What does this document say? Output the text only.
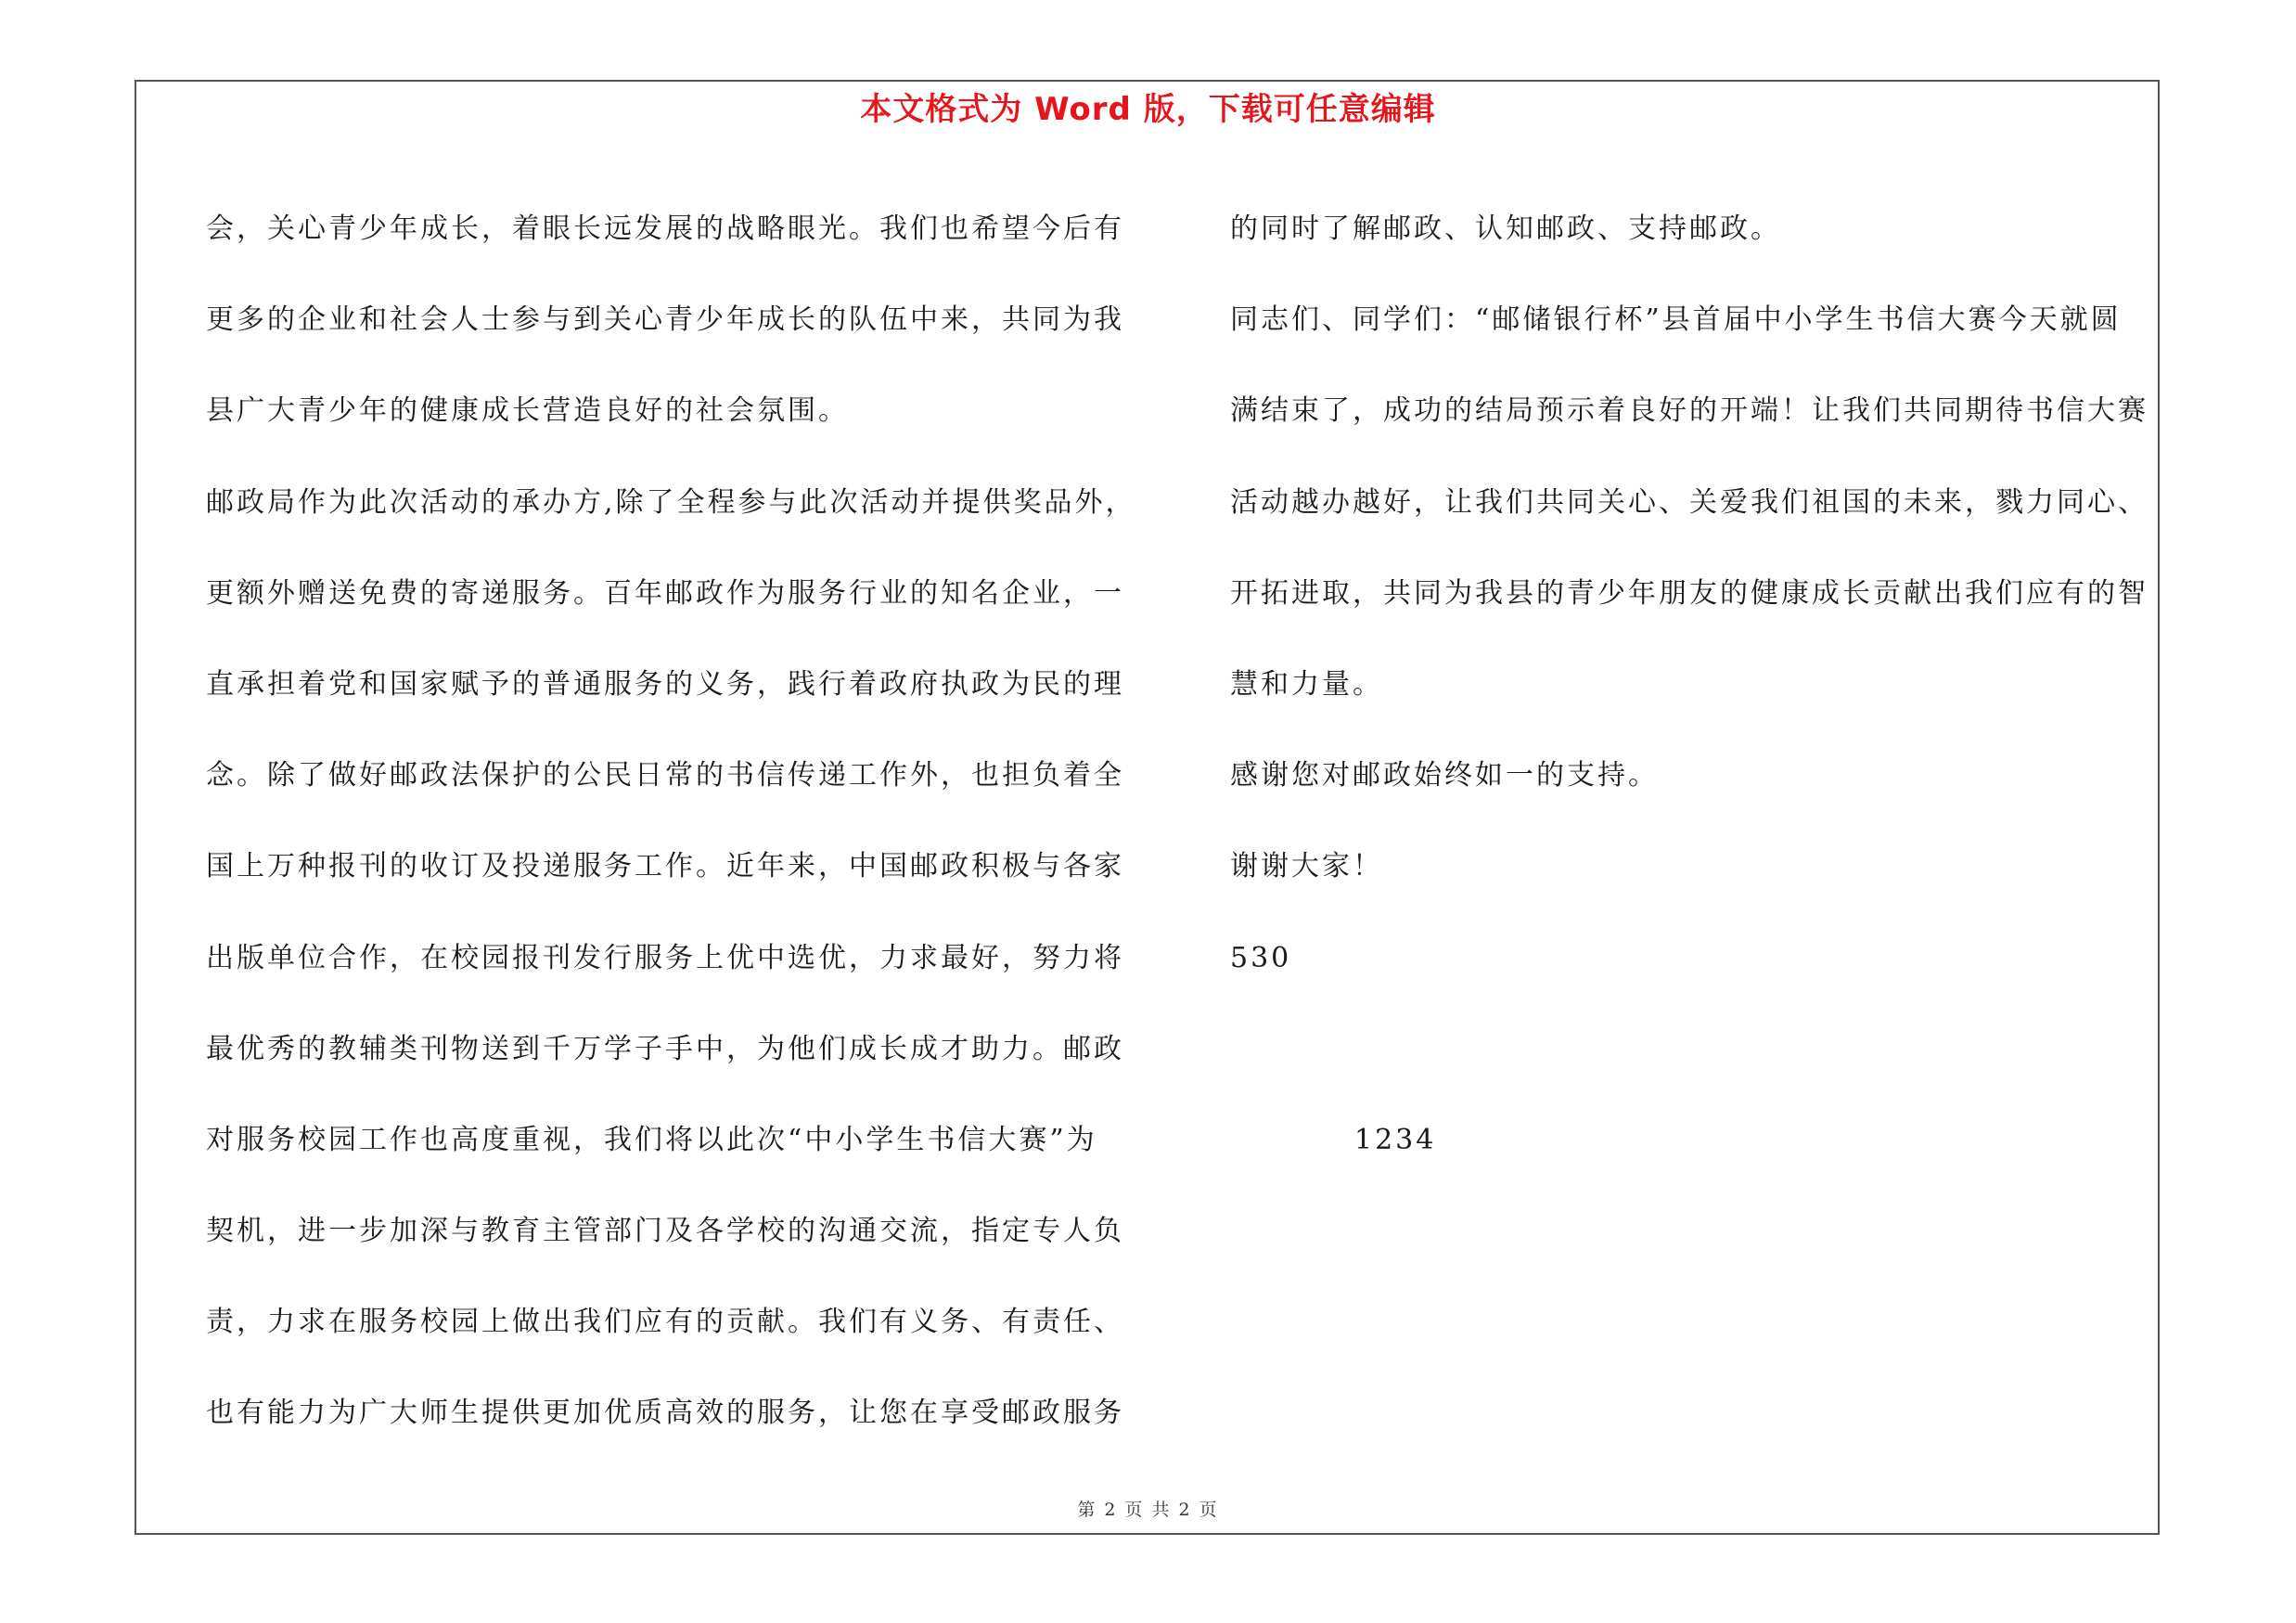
本文格式为 Word 版，下载可任意编辑
会，关心青少年成长，着眼长远发展的战略眼光。我们也希望今后有
更多的企业和社会人士参与到关心青少年成长的队伍中来，共同为我
县广大青少年的健康成长营造良好的社会氛围。
邮政局作为此次活动的承办方,除了全程参与此次活动并提供奖品外，
更额外赠送免费的寄递服务。百年邮政作为服务行业的知名企业，一
直承担着党和国家赋予的普通服务的义务，践行着政府执政为民的理
念。除了做好邮政法保护的公民日常的书信传递工作外，也担负着全
国上万种报刊的收订及投递服务工作。近年来，中国邮政积极与各家
出版单位合作，在校园报刊发行服务上优中选优，力求最好，努力将
最优秀的教辅类刊物送到千万学子手中，为他们成长成才助力。邮政
对服务校园工作也高度重视，我们将以此次“中小学生书信大赛”为
契机，进一步加深与教育主管部门及各学校的沟通交流，指定专人负
责，力求在服务校园上做出我们应有的贡献。我们有义务、有责任、
也有能力为广大师生提供更加优质高效的服务，让您在享受邮政服务
的同时了解邮政、认知邮政、支持邮政。
同志们、同学们：“邮储银行杯”县首届中小学生书信大赛今天就圆
满结束了，成功的结局预示着良好的开端！让我们共同期待书信大赛
活动越办越好，让我们共同关心、关爱我们祖国的未来，戮力同心、
开拓进取，共同为我县的青少年朋友的健康成长贡献出我们应有的智
慧和力量。
感谢您对邮政始终如一的支持。
谢谢大家！
530
1234
第 2 页 共 2 页
